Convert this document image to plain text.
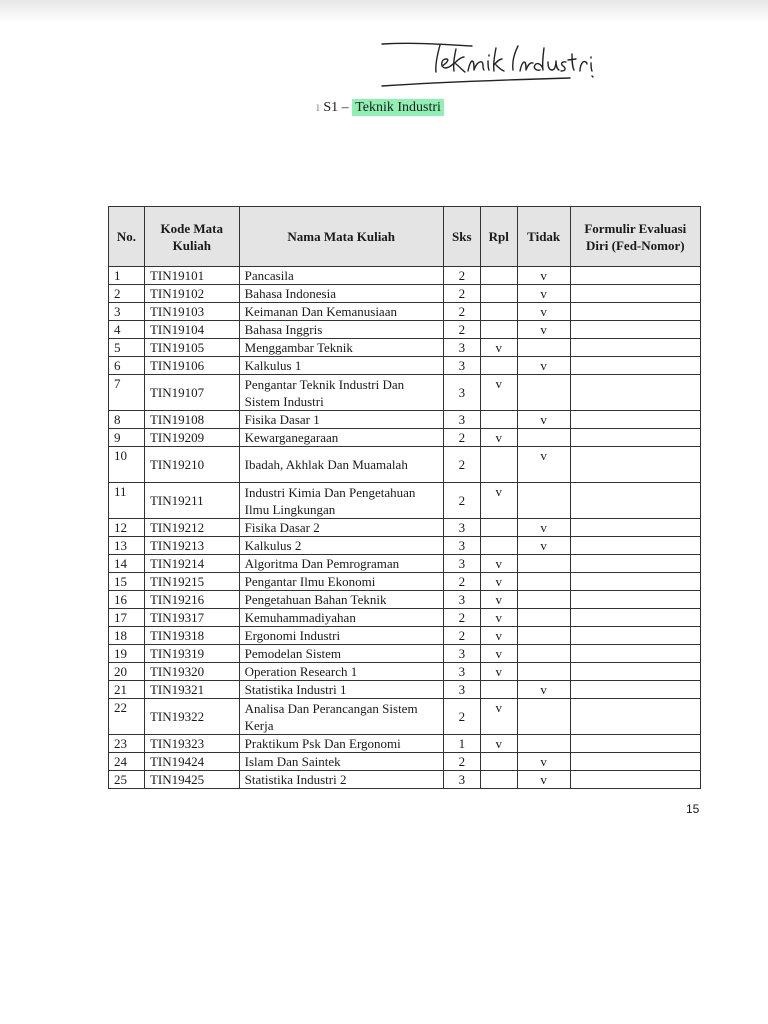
ı S1 – Teknik Industri
No.	Kode Mata Kuliah	Nama Mata Kuliah	Sks	Rpl	Tidak	Formulir Evaluasi Diri (Fed-Nomor)
1	TIN19101	Pancasila	2		v	
2	TIN19102	Bahasa Indonesia	2		v	
3	TIN19103	Keimanan Dan Kemanusiaan	2		v	
4	TIN19104	Bahasa Inggris	2		v	
5	TIN19105	Menggambar Teknik	3	v		
6	TIN19106	Kalkulus 1	3		v	
7	TIN19107	Pengantar Teknik Industri Dan Sistem Industri	3	v		
8	TIN19108	Fisika Dasar 1	3		v	
9	TIN19209	Kewarganegaraan	2	v		
10	TIN19210	Ibadah, Akhlak Dan Muamalah	2		v	
11	TIN19211	Industri Kimia Dan Pengetahuan Ilmu Lingkungan	2	v		
12	TIN19212	Fisika Dasar 2	3		v	
13	TIN19213	Kalkulus 2	3		v	
14	TIN19214	Algoritma Dan Pemrograman	3	v		
15	TIN19215	Pengantar Ilmu Ekonomi	2	v		
16	TIN19216	Pengetahuan Bahan Teknik	3	v		
17	TIN19317	Kemuhammadiyahan	2	v		
18	TIN19318	Ergonomi Industri	2	v		
19	TIN19319	Pemodelan Sistem	3	v		
20	TIN19320	Operation Research 1	3	v		
21	TIN19321	Statistika Industri 1	3		v	
22	TIN19322	Analisa Dan Perancangan Sistem Kerja	2	v		
23	TIN19323	Praktikum Psk Dan Ergonomi	1	v		
24	TIN19424	Islam Dan Saintek	2		v	
25	TIN19425	Statistika Industri 2	3		v	
15
